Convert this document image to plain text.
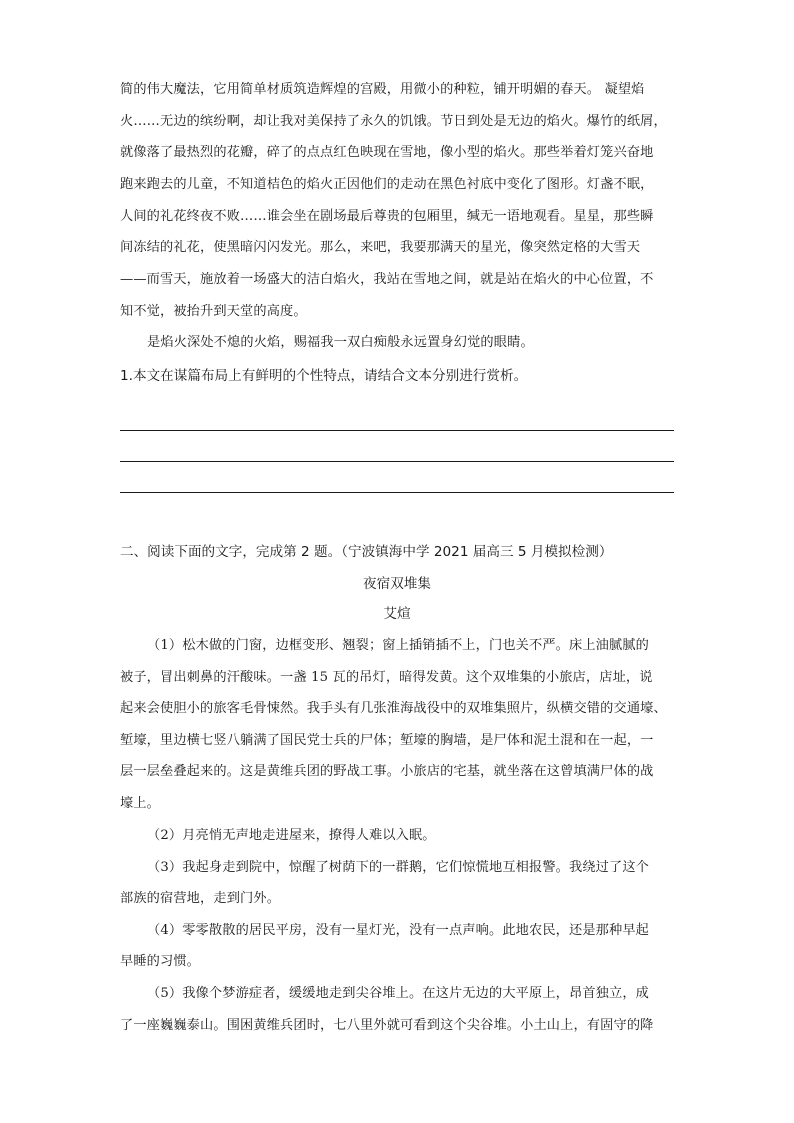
简的伟大魔法，它用简单材质筑造辉煌的宫殿，用微小的种粒，铺开明媚的春天。 凝望焰
火……无边的缤纷啊，却让我对美保持了永久的饥饿。节日到处是无边的焰火。爆竹的纸屑，
就像落了最热烈的花瓣，碎了的点点红色映现在雪地，像小型的焰火。那些举着灯笼兴奋地
跑来跑去的儿童，不知道桔色的焰火正因他们的走动在黑色衬底中变化了图形。灯盏不眠，
人间的礼花终夜不败……谁会坐在剧场最后尊贵的包厢里，缄无一语地观看。星星，那些瞬
间冻结的礼花，使黑暗闪闪发光。那么，来吧，我要那满天的星光，像突然定格的大雪天
——而雪天，施放着一场盛大的洁白焰火，我站在雪地之间，就是站在焰火的中心位置，不
知不觉，被抬升到天堂的高度。
是焰火深处不熄的火焰，赐福我一双白痴般永远置身幻觉的眼睛。
1.本文在谋篇布局上有鲜明的个性特点，请结合文本分别进行赏析。
二、阅读下面的文字，完成第 2 题。（宁波镇海中学 2021 届高三 5 月模拟检测）
夜宿双堆集
艾煊
（1）松木做的门窗，边框变形、翘裂；窗上插销插不上，门也关不严。床上油腻腻的
被子，冒出刺鼻的汗酸味。一盏 15 瓦的吊灯，暗得发黄。这个双堆集的小旅店，店址，说
起来会使胆小的旅客毛骨悚然。我手头有几张淮海战役中的双堆集照片，纵横交错的交通壕、
堑壕，里边横七竖八躺满了国民党士兵的尸体；堑壕的胸墙，是尸体和泥土混和在一起，一
层一层垒叠起来的。这是黄维兵团的野战工事。小旅店的宅基，就坐落在这曾填满尸体的战
壕上。
（2）月亮悄无声地走进屋来，撩得人难以入眠。
（3）我起身走到院中，惊醒了树荫下的一群鹅，它们惊慌地互相报警。我绕过了这个
部族的宿营地，走到门外。
（4）零零散散的居民平房，没有一星灯光，没有一点声响。此地农民，还是那种早起
早睡的习惯。
（5）我像个梦游症者，缓缓地走到尖谷堆上。在这片无边的大平原上，昂首独立，成
了一座巍巍泰山。围困黄维兵团时，七八里外就可看到这个尖谷堆。小土山上，有固守的降
